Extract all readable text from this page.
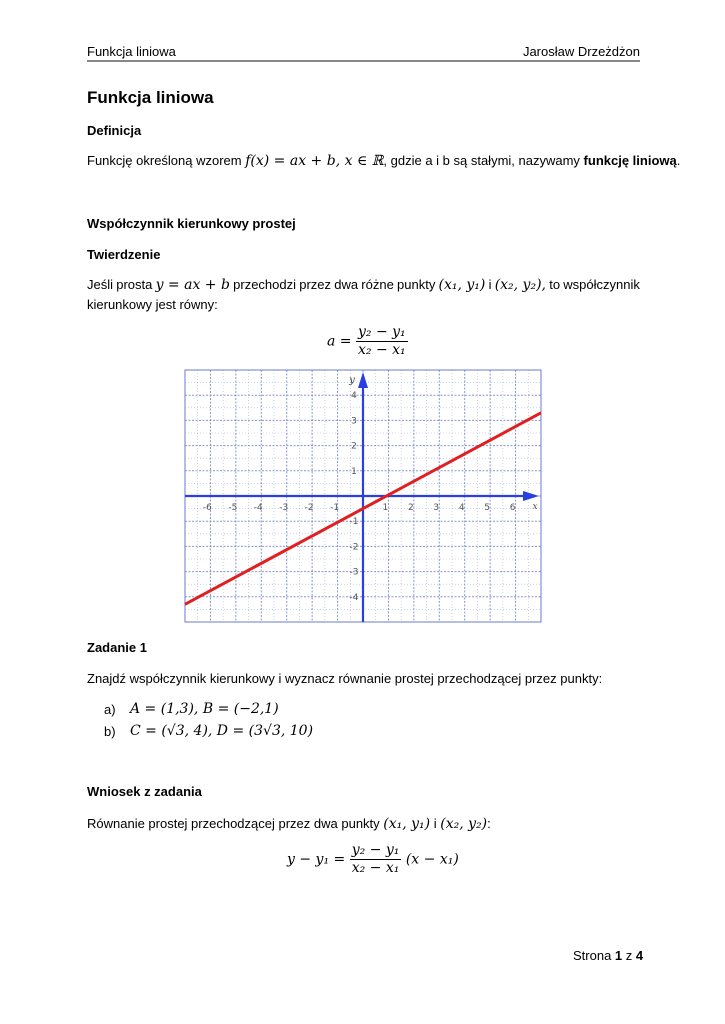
Funkcja liniowa	Jarosław Drzeżdżon
Funkcja liniowa
Definicja
Funkcję określoną wzorem f(x) = ax + b, x ∈ ℝ, gdzie a i b są stałymi, nazywamy funkcję liniową.
Współczynnik kierunkowy prostej
Twierdzenie
Jeśli prosta y = ax + b przechodzi przez dwa różne punkty (x₁, y₁) i (x₂, y₂), to współczynnik
kierunkowy jest równy:
$a = \frac{\text{y₂ − y₁}}{\text{x₂ − x₁}}$
-6 -5 -4 -3 -2 -1	1 2 3 4 5 6
4
3
2
1
-1
-2
-3
-4
x
y
Zadanie 1
Znajdź współczynnik kierunkowy i wyznacz równanie prostej przechodzącej przez punkty:
a)	A = (1,3), B = (−2,1)
b)	C = (√3, 4), D = (3√3, 10)
Wniosek z zadania
Równanie prostej przechodzącej przez dwa punkty (x₁, y₁) i (x₂, y₂):
$y - y_1 = \frac{\text{y₂ − y₁}}{\text{x₂ − x₁}} (x - x_1)$
Strona 1 z 4
